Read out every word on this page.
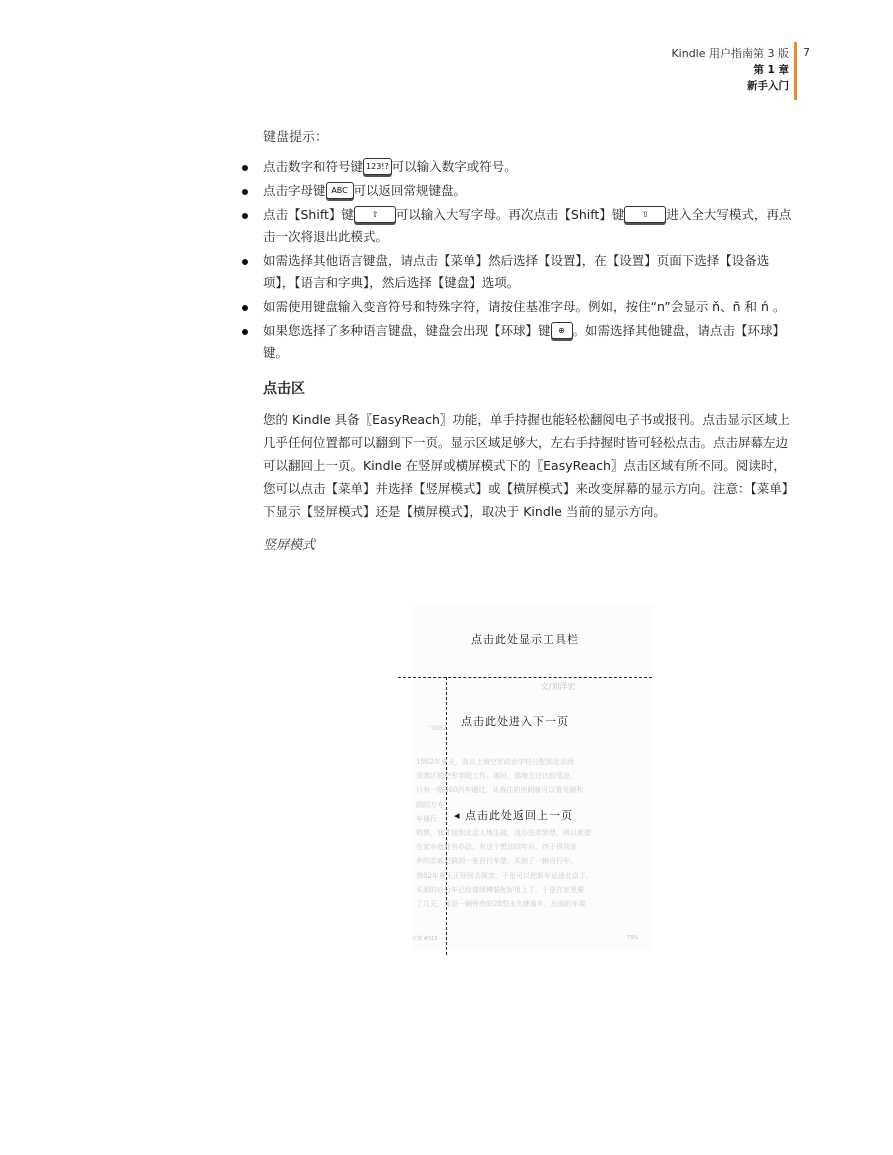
Kindle 用户指南第 3 版
第 1 章
新手入门
7

键盘提示：

点击数字和符号键 123!? 可以输入数字或符号。
点击字母键 ABC 可以返回常规键盘。
点击【Shift】键 ⇧ 可以输入大写字母。再次点击【Shift】键 ⇧ 进入全大写模式，再点击一次将退出此模式。
如需选择其他语言键盘，请点击【菜单】然后选择【设置】，在【设置】页面下选择【设备选项】，【语言和字典】，然后选择【键盘】选项。
如需使用键盘输入变音符号和特殊字符，请按住基准字母。例如，按住“n”会显示 ň、ñ 和 ń 。
如果您选择了多种语言键盘，键盘会出现【环球】键 ⊕ 。如需选择其他键盘，请点击【环球】键。
点击区

您的 Kindle 具备〖EasyReach〗功能，单手持握也能轻松翻阅电子书或报刊。点击显示区域上几乎任何位置都可以翻到下一页。显示区域足够大，左右手持握时皆可轻松点击。点击屏幕左边可以翻回上一页。Kindle 在竖屏或横屏模式下的〖EasyReach〗点击区域有所不同。阅读时，您可以点击【菜单】并选择【竖屏模式】或【横屏模式】来改变屏幕的显示方向。注意：【菜单】下显示【竖屏模式】还是【横屏模式】，取决于 Kindle 当前的显示方向。

竖屏模式

点击此处显示工具栏
文/刘洋宏
“1982
点击此处进入下一页
1982年夏天，我从上海空军政治学校分配到北京西
郊郊区的空军学院工作。那时，那地方还比较荒凉，
只有一路360汽车通过，从我住的房间就可以看见颐和
园的万寿
车通行
购票，我才回到北京人地生疏，没办法弄到票，所以希望
在家乡就能有办法。有这个想法四年后，终于得到家
乡的亲戚已搞到一张自行车票，买到了一辆自行车。
我82年夏天正好回去探亲，于是可以把新车运进北京了。
买到的自行车已经请师傅装配好用上了，于是在家里骑
了几天，那是一辆铮亮的28型永久牌重车，后面的车架
◂ 点击此处返回上一页
位置 #313	73%
